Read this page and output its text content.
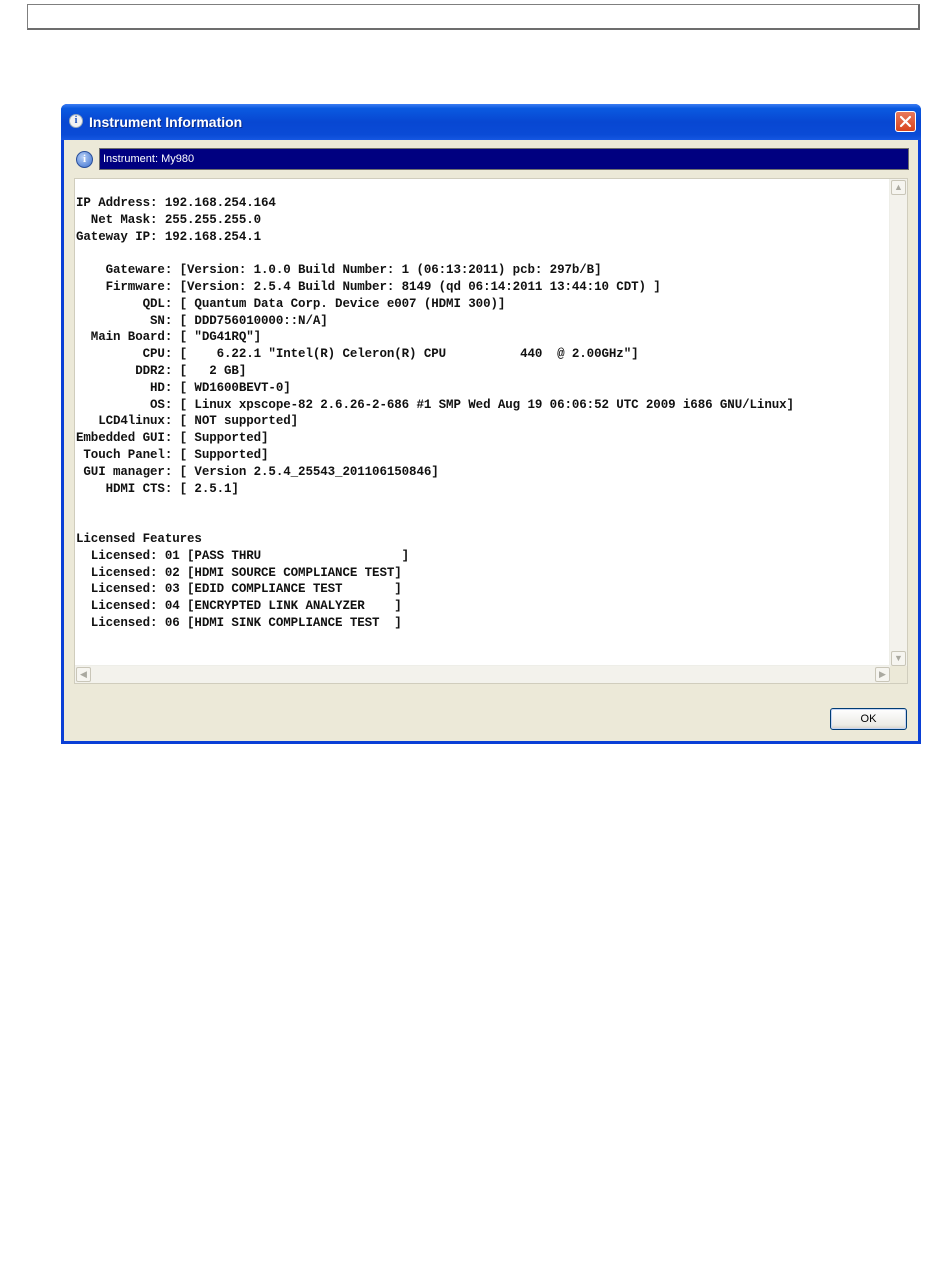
i Instrument Information
i	Instrument: My980
IP Address: 192.168.254.164
Net Mask: 255.255.255.0
Gateway IP: 192.168.254.1

Gateware: [Version: 1.0.0 Build Number: 1 (06:13:2011) pcb: 297b/B]
Firmware: [Version: 2.5.4 Build Number: 8149 (qd 06:14:2011 13:44:10 CDT) ]
QDL: [ Quantum Data Corp. Device e007 (HDMI 300)]
SN: [ DDD756010000::N/A]
Main Board: [ "DG41RQ"]
CPU: [    6.22.1 "Intel(R) Celeron(R) CPU          440  @ 2.00GHz"]
DDR2: [   2 GB]
HD: [ WD1600BEVT-0]
OS: [ Linux xpscope-82 2.6.26-2-686 #1 SMP Wed Aug 19 06:06:52 UTC 2009 i686 GNU/Linux]
LCD4linux: [ NOT supported]
Embedded GUI: [ Supported]
Touch Panel: [ Supported]
GUI manager: [ Version 2.5.4_25543_201106150846]
HDMI CTS: [ 2.5.1]

Licensed Features
Licensed: 01 [PASS THRU                   ]
Licensed: 02 [HDMI SOURCE COMPLIANCE TEST]
Licensed: 03 [EDID COMPLIANCE TEST       ]
Licensed: 04 [ENCRYPTED LINK ANALYZER    ]
Licensed: 06 [HDMI SINK COMPLIANCE TEST  ]
▲
▼
◀	▶
OK
